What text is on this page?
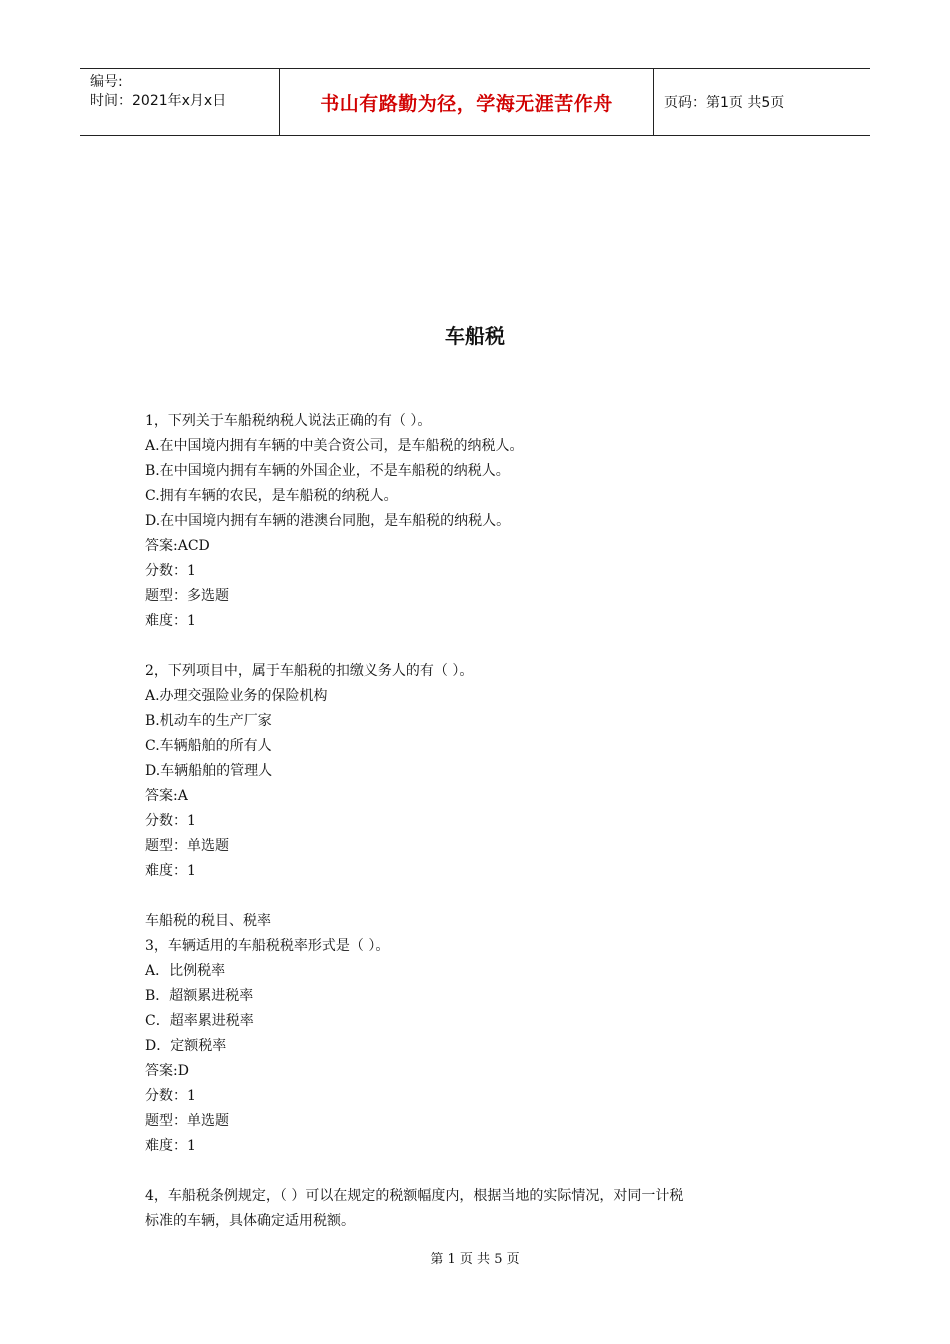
编号:
时间：2021年x月x日	书山有路勤为径，学海无涯苦作舟	页码：第1页 共5页
车船税
1，下列关于车船税纳税人说法正确的有（ ）。
A.在中国境内拥有车辆的中美合资公司，是车船税的纳税人。
B.在中国境内拥有车辆的外国企业，不是车船税的纳税人。
C.拥有车辆的农民，是车船税的纳税人。
D.在中国境内拥有车辆的港澳台同胞，是车船税的纳税人。
答案:ACD
分数：1
题型：多选题
难度：1
2，下列项目中，属于车船税的扣缴义务人的有（ ）。
A.办理交强险业务的保险机构
B.机动车的生产厂家
C.车辆船舶的所有人
D.车辆船舶的管理人
答案:A
分数：1
题型：单选题
难度：1
车船税的税目、税率
3，车辆适用的车船税税率形式是（ ）。
A．比例税率
B．超额累进税率
C．超率累进税率
D．定额税率
答案:D
分数：1
题型：单选题
难度：1
4，车船税条例规定，（ ）可以在规定的税额幅度内，根据当地的实际情况，对同一计税
标准的车辆，具体确定适用税额。
第 1 页 共 5 页
